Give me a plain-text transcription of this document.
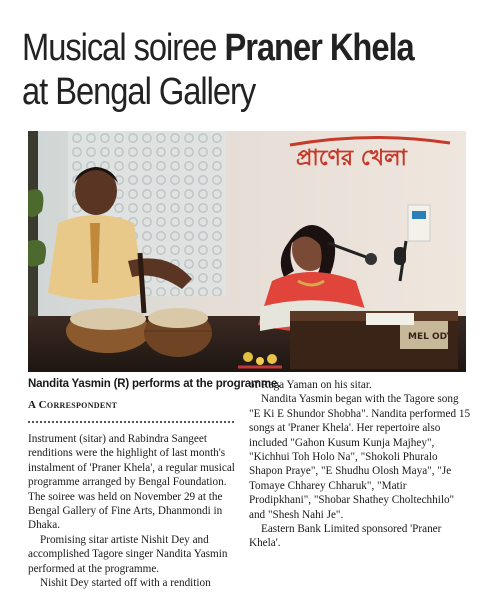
Musical soiree Praner Khela
at Bengal Gallery
প্রাণের খেলা
MEL ODY
Nandita Yasmin (R) performs at the programme.
A Correspondent

Instrument (sitar) and Rabindra Sangeet renditions were the highlight of last month's instalment of 'Praner Khela', a regular musical programme arranged by Bengal Foundation. The soiree was held on November 29 at the Bengal Gallery of Fine Arts, Dhanmondi in Dhaka.

Promising sitar artiste Nishit Dey and accomplished Tagore singer Nandita Yasmin performed at the programme.

Nishit Dey started off with a rendition

of Raga Yaman on his sitar.

Nandita Yasmin began with the Tagore song "E Ki E Shundor Shobha". Nandita performed 15 songs at 'Praner Khela'. Her repertoire also included "Gahon Kusum Kunja Majhey", "Kichhui Toh Holo Na", "Shokoli Phuralo Shapon Praye", "E Shudhu Olosh Maya", "Je Tomaye Chharey Chharuk", "Matir Prodipkhani", "Shobar Shathey Choltechhilo" and "Shesh Nahi Je".

Eastern Bank Limited sponsored 'Praner Khela'.
